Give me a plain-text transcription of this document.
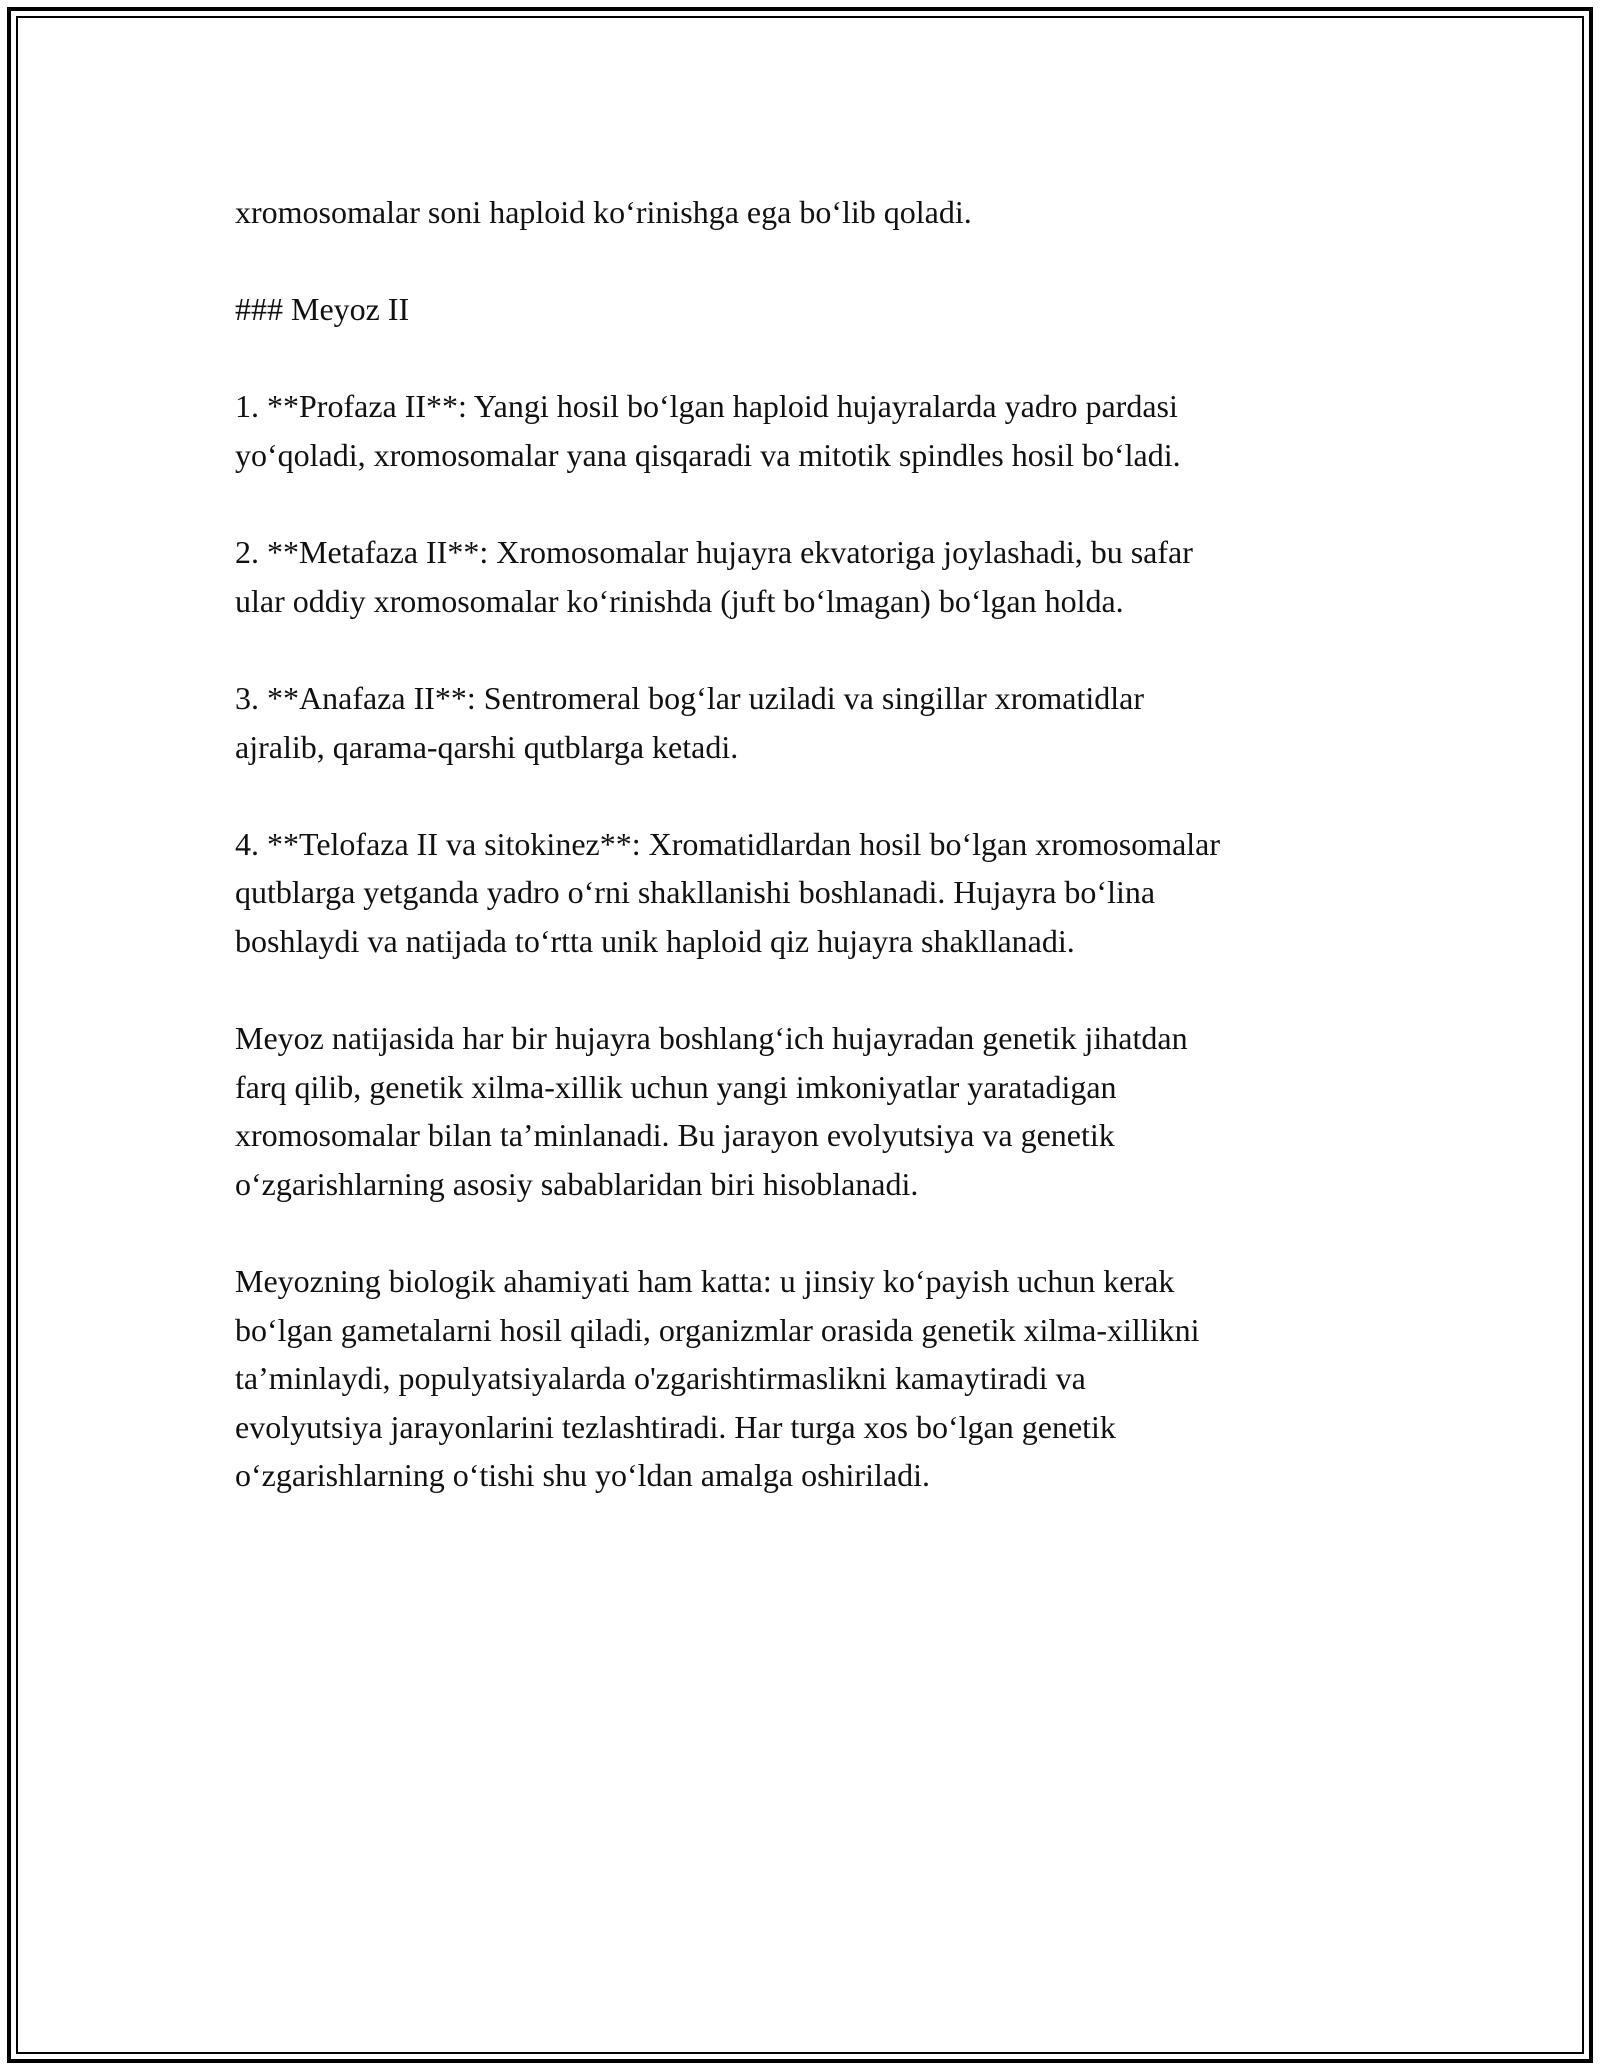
xromosomalar soni haploid ko‘rinishga ega bo‘lib qoladi.

### Meyoz II

1. **Profaza II**: Yangi hosil bo‘lgan haploid hujayralarda yadro pardasi
yo‘qoladi, xromosomalar yana qisqaradi va mitotik spindles hosil bo‘ladi.

2. **Metafaza II**: Xromosomalar hujayra ekvatoriga joylashadi, bu safar
ular oddiy xromosomalar ko‘rinishda (juft bo‘lmagan) bo‘lgan holda.

3. **Anafaza II**: Sentromeral bog‘lar uziladi va singillar xromatidlar
ajralib, qarama-qarshi qutblarga ketadi.

4. **Telofaza II va sitokinez**: Xromatidlardan hosil bo‘lgan xromosomalar
qutblarga yetganda yadro o‘rni shakllanishi boshlanadi. Hujayra bo‘lina
boshlaydi va natijada to‘rtta unik haploid qiz hujayra shakllanadi.

Meyoz natijasida har bir hujayra boshlang‘ich hujayradan genetik jihatdan
farq qilib, genetik xilma-xillik uchun yangi imkoniyatlar yaratadigan
xromosomalar bilan ta’minlanadi. Bu jarayon evolyutsiya va genetik
o‘zgarishlarning asosiy sabablaridan biri hisoblanadi.

Meyozning biologik ahamiyati ham katta: u jinsiy ko‘payish uchun kerak
bo‘lgan gametalarni hosil qiladi, organizmlar orasida genetik xilma-xillikni
ta’minlaydi, populyatsiyalarda o'zgarishtirmaslikni kamaytiradi va
evolyutsiya jarayonlarini tezlashtiradi. Har turga xos bo‘lgan genetik
o‘zgarishlarning o‘tishi shu yo‘ldan amalga oshiriladi.
